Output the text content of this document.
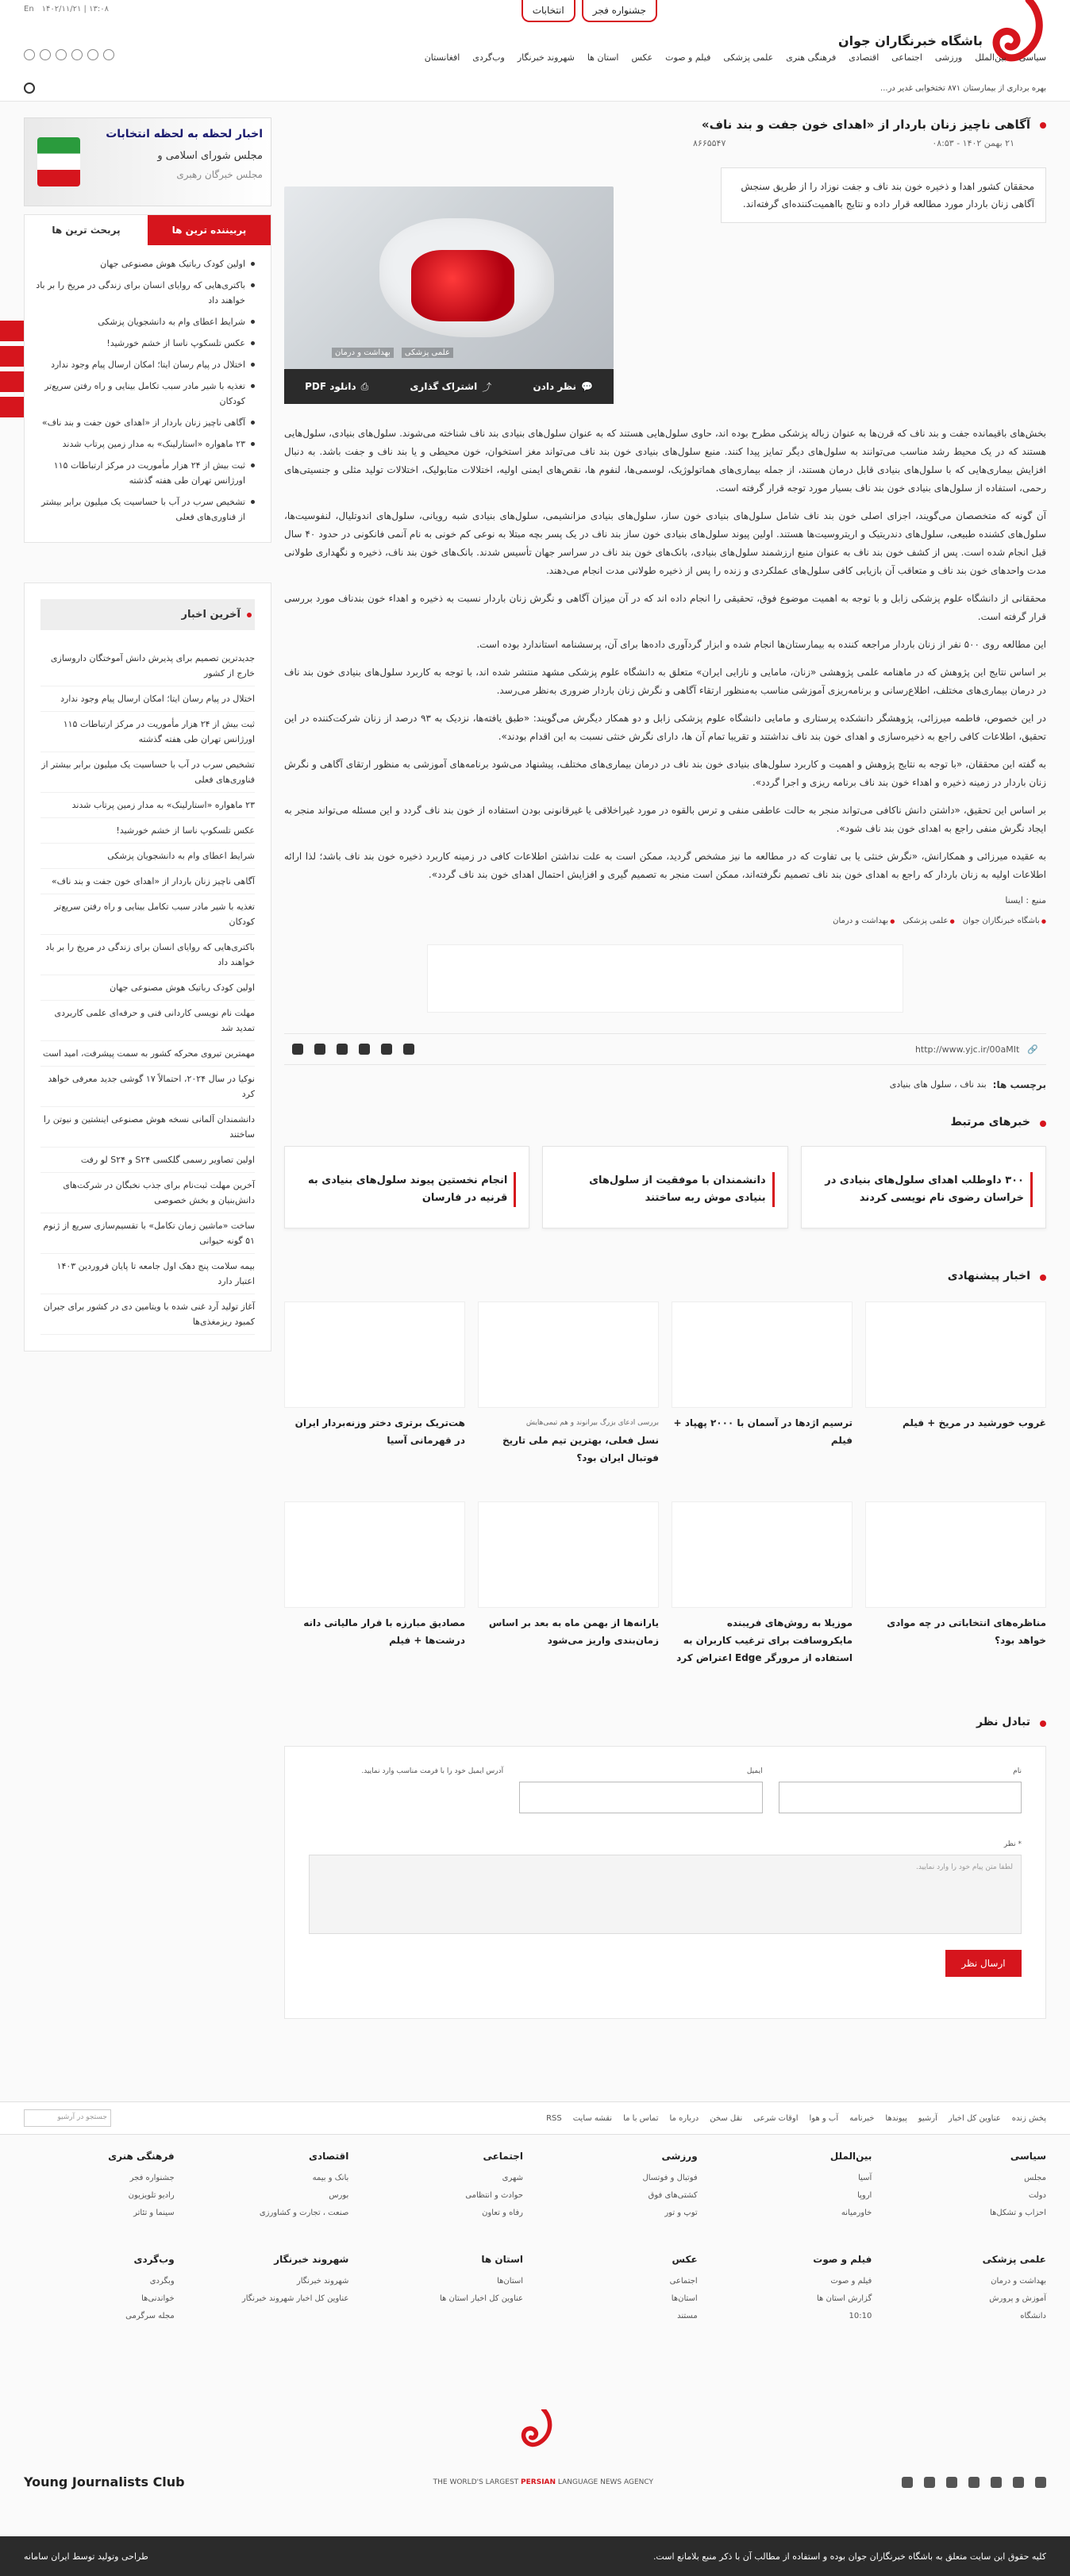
باشگاه خبرنگاران جوان
جشنواره فجر
انتخابات
۱۳:۰۸ | ۱۴۰۲/۱۱/۲۱
En
سیاسی
بین‌الملل
ورزشی
اجتماعی
اقتصادی
فرهنگی هنری
علمی پزشکی
فیلم و صوت
عکس
استان ها
شهروند خبرنگار
وب‌گردی
افغانستان
بهره برداری از بیمارستان ۸۷۱ تختخوابی غدیر در...
آگاهی ناچیز زنان باردار از «اهدای خون جفت و بند ناف»
۲۱ بهمن ۱۴۰۲ - ۰۸:۵۳
۸۶۶۵۵۴۷
محققان کشور اهدا و ذخیره خون بند ناف و جفت نوزاد را از طریق سنجش آگاهی زنان باردار مورد مطالعه قرار داده و نتایج بااهمیت‌کننده‌ای گرفته‌اند.
علمی پزشکی
بهداشت و درمان
💬
نظر دادن
⤴
اشتراک گذاری
⎙
دانلود PDF

بخش‌های باقیمانده جفت و بند ناف که قرن‌ها به عنوان زباله پزشکی مطرح بوده اند، حاوی سلول‌هایی هستند که به عنوان سلول‌های بنیادی بند ناف شناخته می‌شوند. سلول‌های بنیادی، سلول‌هایی هستند که در یک محیط رشد مناسب می‌توانند به سلول‌های دیگر تمایز پیدا کنند. منبع سلول‌های بنیادی خون بند ناف می‌تواند مغز استخوان، خون محیطی و یا بند ناف و جفت باشد. به دنبال افزایش بیماری‌هایی که با سلول‌های بنیادی قابل درمان هستند، از جمله بیماری‌های هماتولوژیک، لوسمی‌ها، لنفوم ها، نقص‌های ایمنی اولیه، اختلالات متابولیک، اختلالات تولید مثلی و جنسیتی‌های رحمی، استفاده از سلول‌های بنیادی خون بند ناف بسیار مورد توجه قرار گرفته است.

آن گونه که متخصصان می‌گویند، اجزای اصلی خون بند ناف شامل سلول‌های بنیادی خون ساز، سلول‌های بنیادی مزانشیمی، سلول‌های بنیادی شبه رویانی، سلول‌های اندوتلیال، لنفوسیت‌ها، سلول‌های کشنده طبیعی، سلول‌های دندریتیک و اریتروسیت‌ها هستند. اولین پیوند سلول‌های بنیادی خون ساز بند ناف در یک پسر بچه مبتلا به نوعی کم خونی به نام آنمی فانکونی در حدود ۴۰ سال قبل انجام شده است. پس از کشف خون بند ناف به عنوان منبع ارزشمند سلول‌های بنیادی، بانک‌های خون بند ناف در سراسر جهان تأسیس شدند. بانک‌های خون بند ناف، ذخیره و نگهداری طولانی مدت واحدهای خون بند ناف و متعاقب آن بازیابی کافی سلول‌های عملکردی و زنده را پس از ذخیره طولانی مدت انجام می‌دهند.

محققانی از دانشگاه علوم پزشکی زابل و با توجه به اهمیت موضوع فوق، تحقیقی را انجام داده اند که در آن میزان آگاهی و نگرش زنان باردار نسبت به ذخیره و اهداء خون بندناف مورد بررسی قرار گرفته است.

این مطالعه روی ۵۰۰ نفر از زنان باردار مراجعه کننده به بیمارستان‌ها انجام شده و ابزار گردآوری داده‌ها برای آن، پرسشنامه استاندارد بوده است.

بر اساس نتایج این پژوهش که در ماهنامه علمی پژوهشی «زنان، مامایی و نازایی ایران» متعلق به دانشگاه علوم پزشکی مشهد منتشر شده اند، با توجه به کاربرد سلول‌های بنیادی خون بند ناف در درمان بیماری‌های مختلف، اطلاع‌رسانی و برنامه‌ریزی آموزشی مناسب به‌منظور ارتقاء آگاهی و نگرش زنان باردار ضروری به‌نظر می‌رسد.

در این خصوص، فاطمه میرزائی، پژوهشگر دانشکده پرستاری و مامایی دانشگاه علوم پزشکی زابل و دو همکار دیگرش می‌گویند: «طبق یافته‌ها، نزدیک به ۹۳ درصد از زنان شرکت‌کننده در این تحقیق، اطلاعات کافی راجع به ذخیره‌سازی و اهدای خون بند ناف نداشتند و تقریبا تمام آن ها، دارای نگرش خنثی نسبت به این اقدام بودند».

به گفته این محققان، «با توجه به نتایج پژوهش و اهمیت و کاربرد سلول‌های بنیادی خون بند ناف در درمان بیماری‌های مختلف، پیشنهاد می‌شود برنامه‌های آموزشی به منظور ارتقای آگاهی و نگرش زنان باردار در زمینه ذخیره و اهداء خون بند ناف برنامه ریزی و اجرا گردد».

بر اساس این تحقیق، «داشتن دانش ناکافی می‌تواند منجر به حالت عاطفی منفی و ترس بالقوه در مورد غیراخلاقی یا غیرقانونی بودن استفاده از خون بند ناف گردد و این مسئله می‌تواند منجر به ایجاد نگرش منفی راجع به اهدای خون بند ناف شود».

به عقیده میرزائی و همکارانش، «نگرش خنثی یا بی تفاوت که در مطالعه ما نیز مشخص گردید، ممکن است به علت نداشتن اطلاعات کافی در زمینه کاربرد ذخیره خون بند ناف باشد؛ لذا ارائه اطلاعات اولیه به زنان باردار که راجع به اهدای خون بند ناف تصمیم نگرفته‌اند، ممکن است منجر به تصمیم گیری و افزایش احتمال اهدای خون بند ناف گردد».

منبع : ایسنا
● باشگاه خبرنگاران جوان
● علمی پزشکی
● بهداشت و درمان
🔗
http://www.yjc.ir/00aMIt
برچسب ها:
بند ناف ، سلول های بنیادی
خبرهای مرتبط
۳۰۰ داوطلب اهدای سلول‌های بنیادی در خراسان رضوی نام نویسی کردند
دانشمندان با موفقیت از سلول‌های بنیادی موش ربه ساختند
انجام نخستین پیوند سلول‌های بنیادی به قرنیه در فارسان
اخبار پیشنهادی
غروب خورشید در مریخ + فیلم
ترسیم اژدها در آسمان با ۲۰۰۰ پهپاد + فیلم
بررسی ادعای بزرگ بیرانوند و هم تیمی‌هایش
نسل فعلی، بهترین تیم ملی تاریخ فوتبال ایران بود؟
هت‌تریک برتری دختر وزنه‌بردار ایران در قهرمانی آسیا
مناظره‌های انتخاباتی در چه موادی خواهد بود؟
موزیلا به روش‌های فریبنده مایکروسافت برای ترغیب کاربران به استفاده از مرورگر Edge اعتراض کرد
یارانه‌ها از بهمن ماه به بعد بر اساس زمان‌بندی واریز می‌شود
مصادیق مبارزه با فرار مالیاتی دانه درشت‌ها + فیلم
تبادل نظر
نام
ایمیل
آدرس ایمیل خود را با فرمت مناسب وارد نمایید.
* نظر
لطفا متن پیام خود را وارد نمایید.
ارسال نظر
اخبار لحظه به لحظه انتخابات
مجلس شورای اسلامی و
مجلس خبرگان رهبری
پربیننده ترین ها
پربحث ترین ها
اولین کودک رباتیک هوش مصنوعی جهان
باکتری‌هایی که روایای انسان برای زندگی در مریخ را بر باد خواهند داد
شرایط اعطای وام به دانشجویان پزشکی
عکس تلسکوپ ناسا از خشم خورشید!
اختلال در پیام رسان ایتا؛ امکان ارسال پیام وجود ندارد
تغذیه با شیر مادر سبب تکامل بینایی و راه رفتن سریع‌تر کودکان
آگاهی ناچیز زنان باردار از «اهدای خون جفت و بند ناف»
۲۳ ماهواره «استارلینک» به مدار زمین پرتاب شدند
ثبت بیش از ۲۴ هزار مأموریت در مرکز ارتباطات ۱۱۵ اورژانس تهران طی هفته گذشته
تشخیص سرب در آب با حساسیت یک میلیون برابر بیشتر از فناوری‌های فعلی
آخرین اخبار
جدیدترین تصمیم برای پذیرش دانش آموختگان دارو‌سازی خارج از کشور
اختلال در پیام رسان ایتا؛ امکان ارسال پیام وجود ندارد
ثبت بیش از ۲۴ هزار مأموریت در مرکز ارتباطات ۱۱۵ اورژانس تهران طی هفته گذشته
تشخیص سرب در آب با حساسیت یک میلیون برابر بیشتر از فناوری‌های فعلی
۲۳ ماهواره «استارلینک» به مدار زمین پرتاب شدند
عکس تلسکوپ ناسا از خشم خورشید!
شرایط اعطای وام به دانشجویان پزشکی
آگاهی ناچیز زنان باردار از «اهدای خون جفت و بند ناف»
تغذیه با شیر مادر سبب تکامل بینایی و راه رفتن سریع‌تر کودکان
باکتری‌هایی که روایای انسان برای زندگی در مریخ را بر باد خواهند داد
اولین کودک رباتیک هوش مصنوعی جهان
مهلت نام نویسی کاردانی فنی و حرفه‌ای علمی کاربردی تمدید شد
مهمترین تیروی محرکه کشور به سمت پیشرفت، امید است
نوکیا در سال ۲۰۲۴، احتمالاً ۱۷ گوشی جدید معرفی خواهد کرد
دانشمندان آلمانی نسخه هوش مصنوعی اینشتین و نیوتن را ساختند
اولین تصاویر رسمی گلکسی S۲۴ و S۲۴ لو رفت
آخرین مهلت ثبت‌نام برای جذب نخبگان در شرکت‌های دانش‌بنیان و بخش خصوصی
ساخت «ماشین زمان تکامل» با تقسیم‌سازی سریع از ژنوم ۵۱ گونه حیوانی
بیمه سلامت پنج دهک اول جامعه تا پایان فروردین ۱۴۰۳ اعتبار دارد
آغاز تولید آرد غنی شده با ویتامین دی در کشور برای جبران کمبود ریزمغذی‌ها
پخش زنده
عناوین کل اخبار
آرشیو
پیوندها
خبرنامه
آب و هوا
اوقات شرعی
نقل سخن
درباره ما
تماس با ما
نقشه سایت
RSS
جستجو در آرشیو
سیاسی
مجلس
دولت
احزاب و تشکل‌ها
بین‌الملل
آسیا
اروپا
خاورمیانه
ورزشی
فوتبال و فوتسال
کشتی‌های فوق
توپ و تور
اجتماعی
شهری
حوادث و انتظامی
رفاه و تعاون
اقتصادی
بانک و بیمه
بورس
صنعت ، تجارت و کشاورزی
فرهنگی هنری
جشنواره فجر
رادیو تلویزیون
سینما و تئاتر
علمی پزشکی
بهداشت و درمان
آموزش و پرورش
دانشگاه
فیلم و صوت
فیلم و صوت
گزارش استان ها
10:10
عکس
اجتماعی
استان‌ها
مستند
استان ها
استان‌ها
عناوین کل اخبار استان ها
شهروند خبرنگار
شهروند خبرنگار
عناوین کل اخبار شهروند خبرنگار
وب‌گردی
وبگردی
خواندنی‌ها
مجله سرگرمی
Young Journalists Club	THE WORLD'S LARGEST PERSIAN LANGUAGE NEWS AGENCY
کلیه حقوق این سایت متعلق به باشگاه خبرنگاران جوان بوده و استفاده از مطالب آن با ذکر منبع بلامانع است.
طراحی وتولید توسط ایران سامانه
